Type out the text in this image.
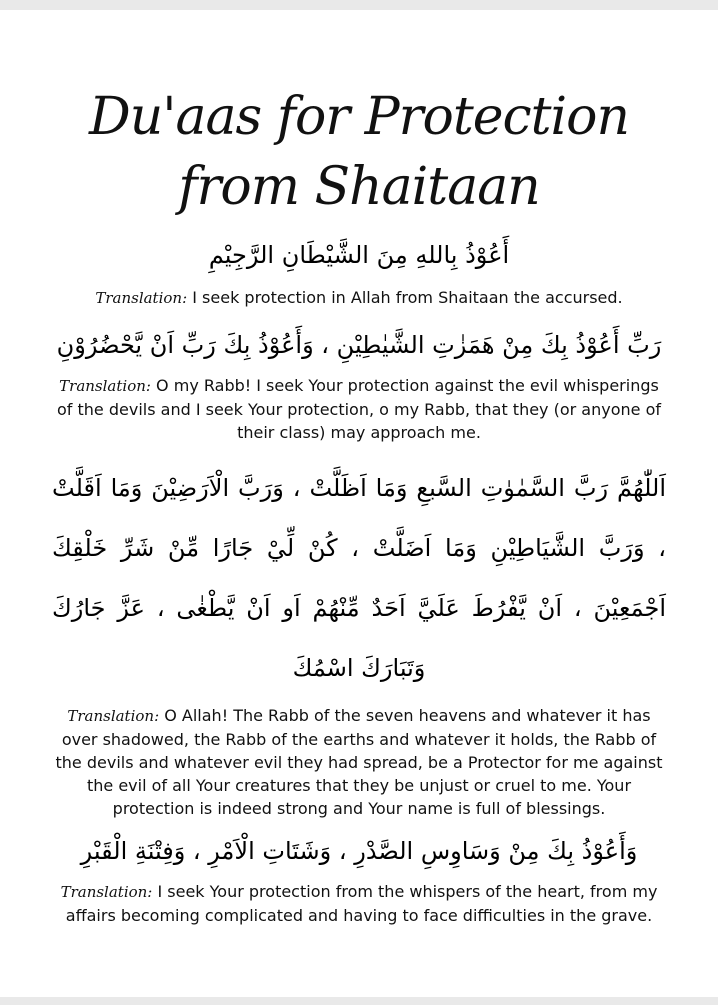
Du'aas for Protection from Shaitaan

أَعُوْذُ بِاللهِ مِنَ الشَّيْطَانِ الرَّجِيْمِ

Translation: I seek protection in Allah from Shaitaan the accursed.

رَبِّ أَعُوْذُ بِكَ مِنْ هَمَزٰتِ الشَّيٰطِيْنِ ، وَأَعُوْذُ بِكَ رَبِّ اَنْ يَّحْضُرُوْنِ

Translation: O my Rabb! I seek Your protection against the evil whisperings of the devils and I seek Your protection, o my Rabb, that they (or anyone of their class) may approach me.

اَللّٰهُمَّ رَبَّ السَّمٰوٰتِ السَّبعِ وَمَا اَظَلَّتْ ، وَرَبَّ الْاَرَضِيْنَ وَمَا اَقَلَّتْ ، وَرَبَّ الشَّيَاطِيْنِ وَمَا اَضَلَّتْ ، كُنْ لِّيْ جَارًا مِّنْ شَرِّ خَلْقِكَ اَجْمَعِيْنَ ، اَنْ يَّفْرُطَ عَلَيَّ اَحَدٌ مِّنْهُمْ اَو اَنْ يَّطْغٰى ، عَزَّ جَارُكَ وَتَبَارَكَ اسْمُكَ

Translation: O Allah! The Rabb of the seven heavens and whatever it has over shadowed, the Rabb of the earths and whatever it holds, the Rabb of the devils and whatever evil they had spread, be a Protector for me against the evil of all Your creatures that they be unjust or cruel to me. Your protection is indeed strong and Your name is full of blessings.

وَأَعُوْذُ بِكَ مِنْ وَسَاوِسِ الصَّدْرِ ، وَشَتَاتِ الْاَمْرِ ، وَفِتْنَةِ الْقَبْرِ

Translation: I seek Your protection from the whispers of the heart, from my affairs becoming complicated and having to face difficulties in the grave.
